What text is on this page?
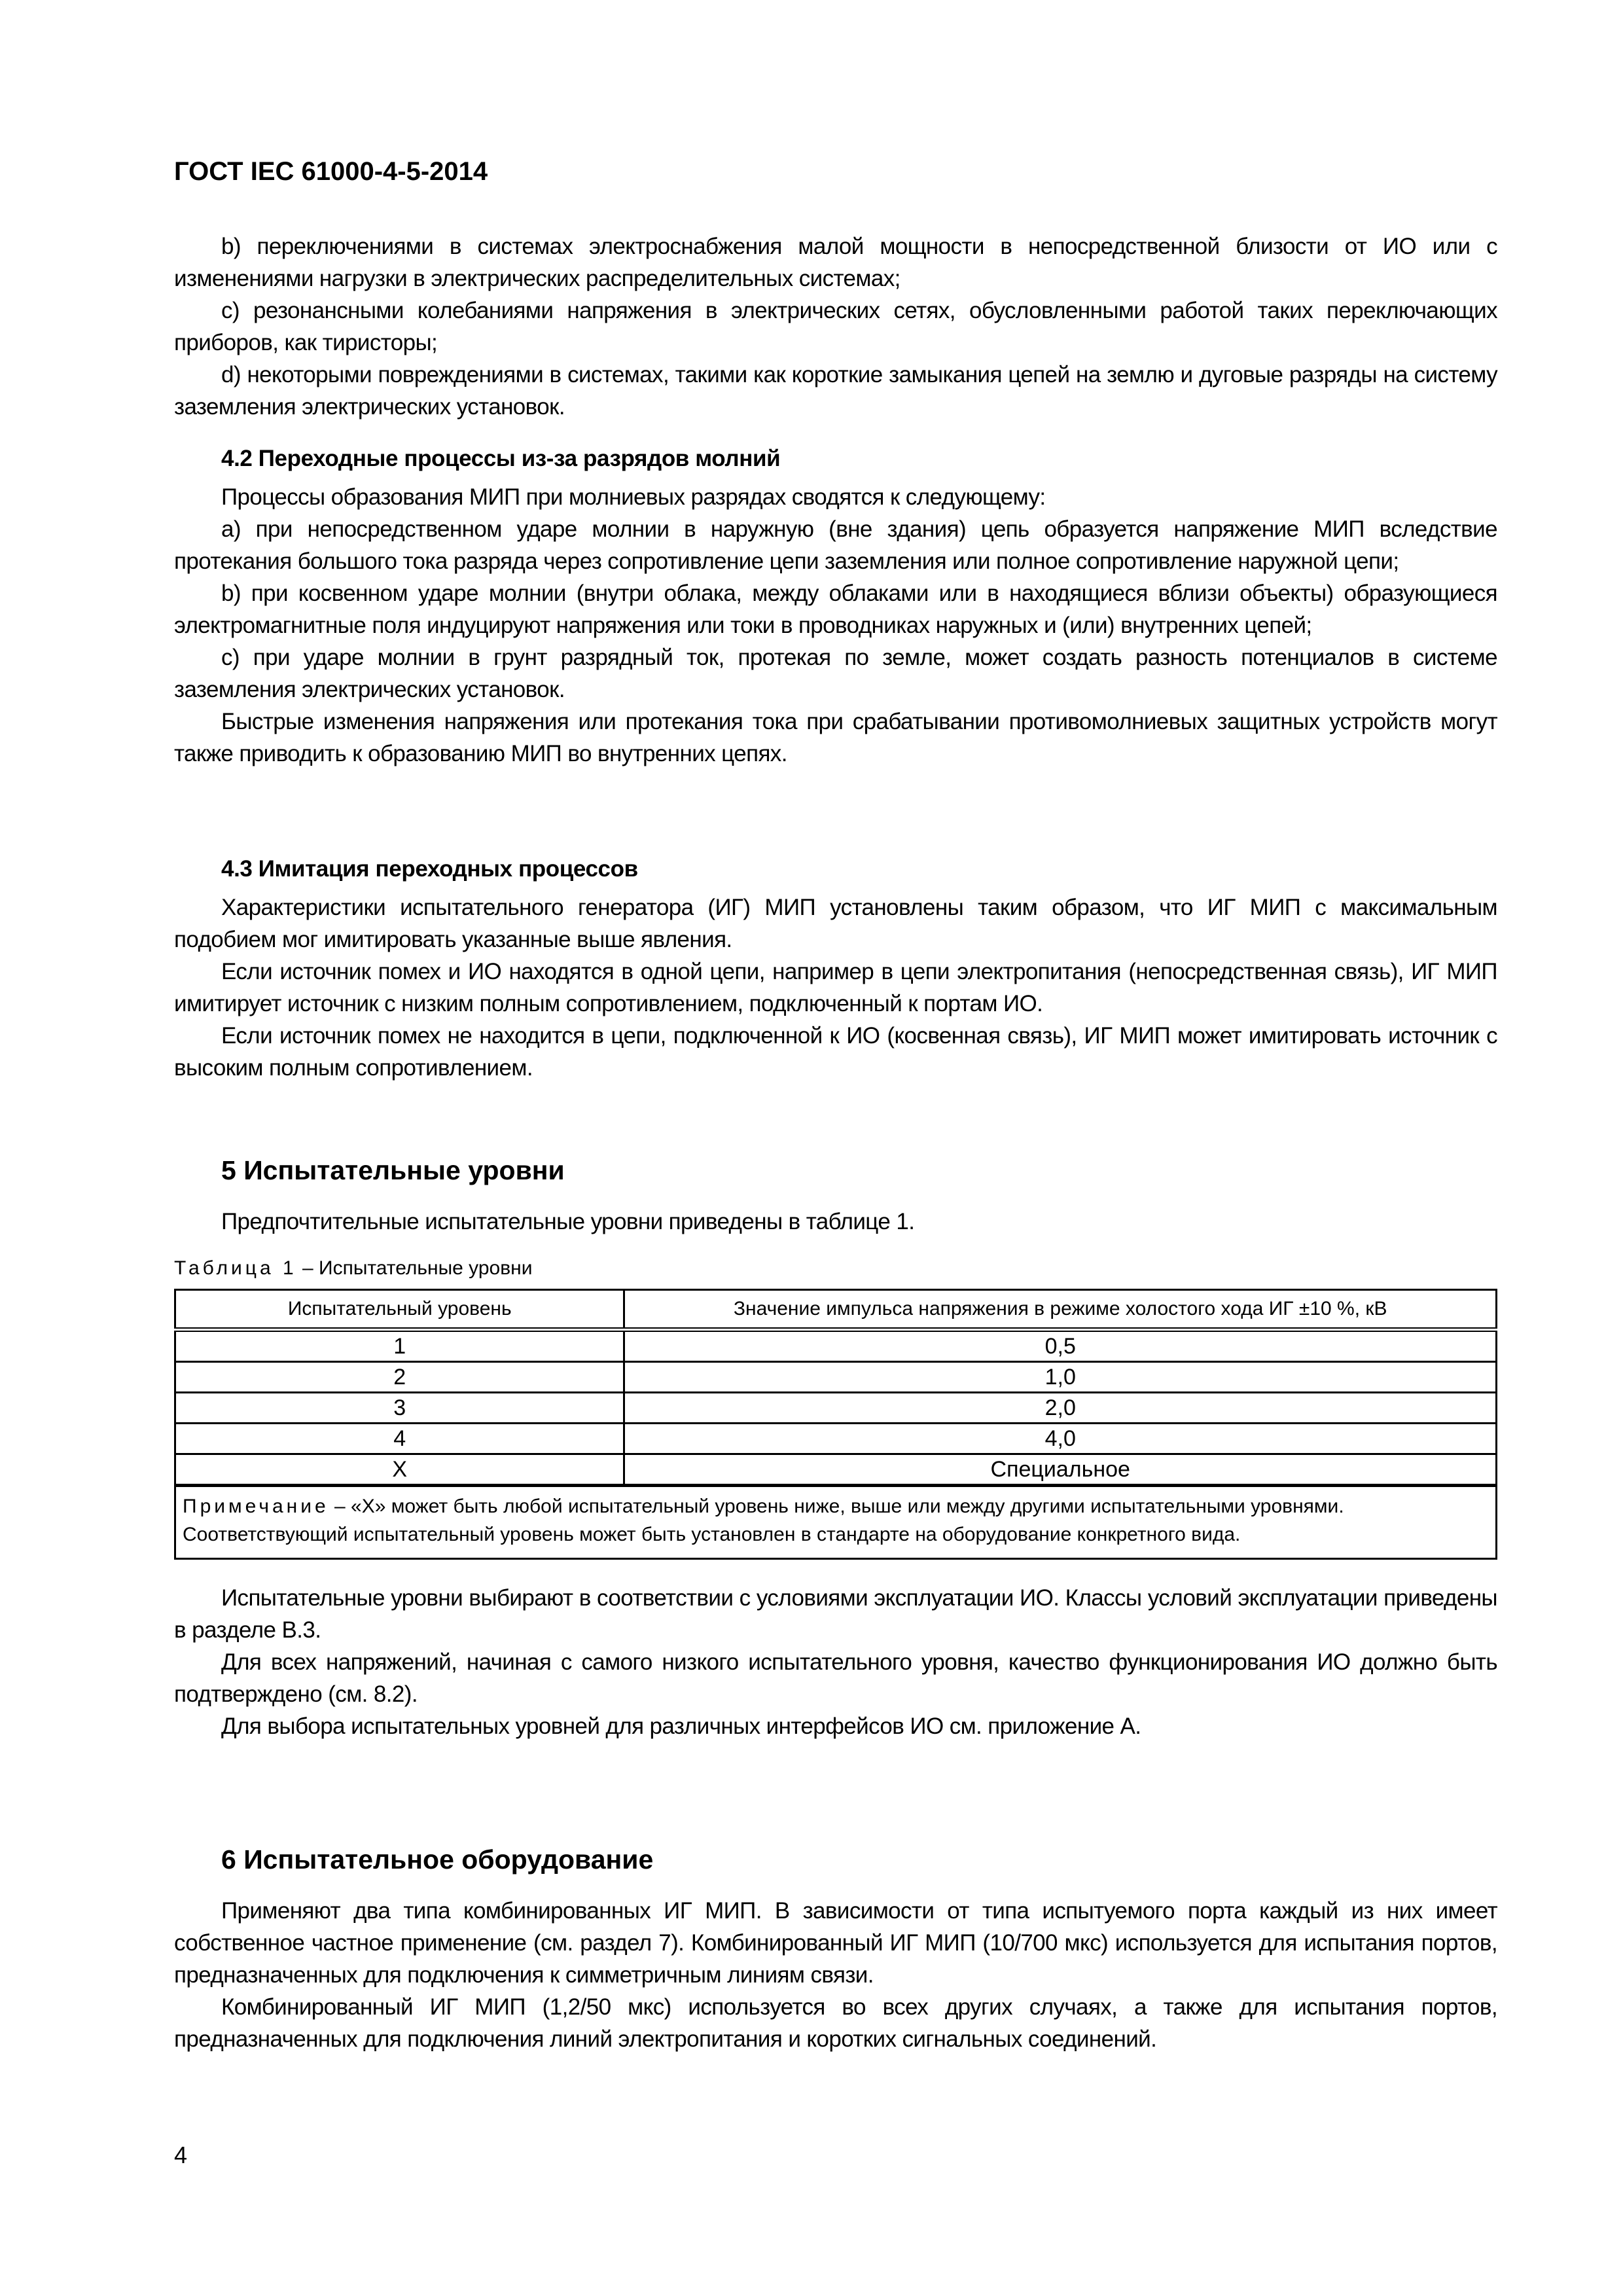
ГОСТ IEC 61000-4-5-2014

b) переключениями в системах электроснабжения малой мощности в непосредственной близости от ИО или с изменениями нагрузки в электрических распределительных системах;

c) резонансными колебаниями напряжения в электрических сетях, обусловленными работой таких переключающих приборов, как тиристоры;

d) некоторыми повреждениями в системах, такими как короткие замыкания цепей на землю и дуговые разряды на систему заземления электрических установок.

4.2 Переходные процессы из-за разрядов молний

Процессы образования МИП при молниевых разрядах сводятся к следующему:

a) при непосредственном ударе молнии в наружную (вне здания) цепь образуется напряжение МИП вследствие протекания большого тока разряда через сопротивление цепи заземления или полное сопротивление наружной цепи;

b) при косвенном ударе молнии (внутри облака, между облаками или в находящиеся вблизи объекты) образующиеся электромагнитные поля индуцируют напряжения или токи в проводниках наружных и (или) внутренних цепей;

c) при ударе молнии в грунт разрядный ток, протекая по земле, может создать разность потенциалов в системе заземления электрических установок.

Быстрые изменения напряжения или протекания тока при срабатывании противомолниевых защитных устройств могут также приводить к образованию МИП во внутренних цепях.

4.3 Имитация переходных процессов

Характеристики испытательного генератора (ИГ) МИП установлены таким образом, что ИГ МИП с максимальным подобием мог имитировать указанные выше явления.

Если источник помех и ИО находятся в одной цепи, например в цепи электропитания (непосредственная связь), ИГ МИП имитирует источник с низким полным сопротивлением, подключенный к портам ИО.

Если источник помех не находится в цепи, подключенной к ИО (косвенная связь), ИГ МИП может имитировать источник с высоким полным сопротивлением.

5 Испытательные уровни

Предпочтительные испытательные уровни приведены в таблице 1.

Таблица 1 – Испытательные уровни
Испытательный уровень	Значение импульса напряжения в режиме холостого хода ИГ ±10 %, кВ
1	0,5
2	1,0
3	2,0
4	4,0
X	Специальное
Примечание – «X» может быть любой испытательный уровень ниже, выше или между другими испытательными уровнями. Соответствующий испытательный уровень может быть установлен в стандарте на оборудование конкретного вида.	

Испытательные уровни выбирают в соответствии с условиями эксплуатации ИО. Классы условий эксплуатации приведены в разделе B.3.

Для всех напряжений, начиная с самого низкого испытательного уровня, качество функционирования ИО должно быть подтверждено (см. 8.2).

Для выбора испытательных уровней для различных интерфейсов ИО см. приложение А.

6 Испытательное оборудование

Применяют два типа комбинированных ИГ МИП. В зависимости от типа испытуемого порта каждый из них имеет собственное частное применение (см. раздел 7). Комбинированный ИГ МИП (10/700 мкс) используется для испытания портов, предназначенных для подключения к симметричным линиям связи.

Комбинированный ИГ МИП (1,2/50 мкс) используется во всех других случаях, а также для испытания портов, предназначенных для подключения линий электропитания и коротких сигнальных соединений.

4
